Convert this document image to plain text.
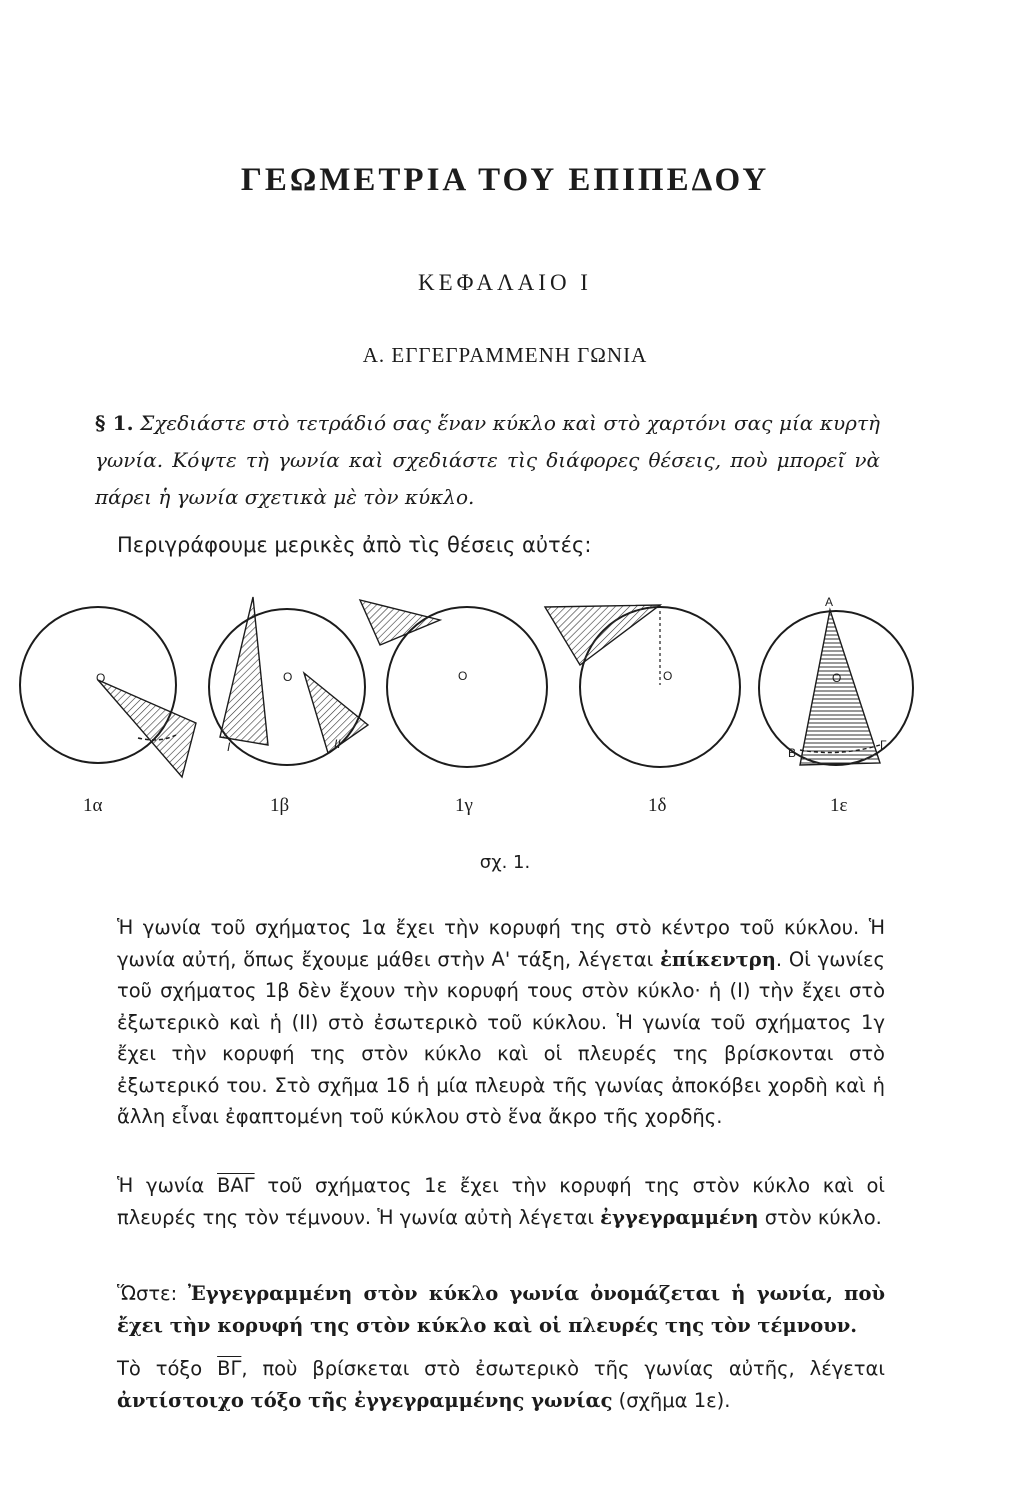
ΓΕΩΜΕΤΡΙΑ ΤΟΥ ΕΠΙΠΕΔΟΥ
ΚΕΦΑΛΑΙΟ I
Α. ΕΓΓΕΓΡΑΜΜΕΝΗ ΓΩΝΙΑ
§ 1. Σχεδιάστε στὸ τετράδιό σας ἕναν κύκλο καὶ στὸ χαρτόνι σας μία κυρτὴ γωνία. Κόψτε τὴ γωνία καὶ σχεδιάστε τὶς διάφορες θέσεις, ποὺ μπορεῖ νὰ πάρει ἡ γωνία σχετικὰ μὲ τὸν κύκλο.
Περιγράφουμε μερικὲς ἀπὸ τὶς θέσεις αὐτές:
O	O
I	II
O	O	O
A
B
Γ
1α	1β	1γ	1δ	1ε
σχ. 1.
Ἡ γωνία τοῦ σχήματος 1α ἔχει τὴν κορυφή της στὸ κέντρο τοῦ κύκλου. Ἡ γωνία αὐτή, ὅπως ἔχουμε μάθει στὴν Α' τάξη, λέγεται ἐπίκεντρη. Οἱ γωνίες τοῦ σχήματος 1β δὲν ἔχουν τὴν κορυφή τους στὸν κύκλο· ἡ (I) τὴν ἔχει στὸ ἐξωτερικὸ καὶ ἡ (II) στὸ ἐσωτερικὸ τοῦ κύκλου. Ἡ γωνία τοῦ σχήματος 1γ ἔχει τὴν κορυφή της στὸν κύκλο καὶ οἱ πλευρές της βρίσκονται στὸ ἐξωτερικό του. Στὸ σχῆμα 1δ ἡ μία πλευρὰ τῆς γωνίας ἀποκόβει χορδὴ καὶ ἡ ἄλλη εἶναι ἐφαπτομένη τοῦ κύκλου στὸ ἕνα ἄκρο τῆς χορδῆς.
Ἡ γωνία $\overline{BA\Gamma}$ τοῦ σχήματος 1ε ἔχει τὴν κορυφή της στὸν κύκλο καὶ οἱ πλευρές της τὸν τέμνουν. Ἡ γωνία αὐτὴ λέγεται ἐγγεγραμμένη στὸν κύκλο.
Ὥστε: Ἐγγεγραμμένη στὸν κύκλο γωνία ὀνομάζεται ἡ γωνία, ποὺ ἔχει τὴν κορυφή της στὸν κύκλο καὶ οἱ πλευρές της τὸν τέμνουν.
Τὸ τόξο $\overline{B\Gamma}$, ποὺ βρίσκεται στὸ ἐσωτερικὸ τῆς γωνίας αὐτῆς, λέγεται ἀντίστοιχο τόξο τῆς ἐγγεγραμμένης γωνίας (σχῆμα 1ε).
